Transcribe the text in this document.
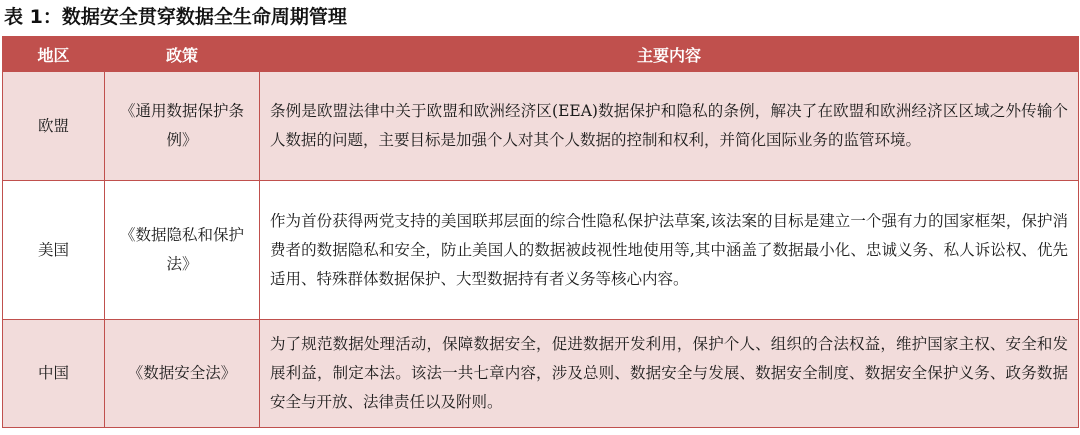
表 1：数据安全贯穿数据全生命周期管理
地区	政策	主要内容
欧盟	《通用数据保护条例》	条例是欧盟法律中关于欧盟和欧洲经济区(EEA)数据保护和隐私的条例，解决了在欧盟和欧洲经济区区域之外传输个人数据的问题，主要目标是加强个人对其个人数据的控制和权利，并简化国际业务的监管环境。
美国	《数据隐私和保护法》	作为首份获得两党支持的美国联邦层面的综合性隐私保护法草案,该法案的目标是建立一个强有力的国家框架，保护消费者的数据隐私和安全，防止美国人的数据被歧视性地使用等,其中涵盖了数据最小化、忠诚义务、私人诉讼权、优先适用、特殊群体数据保护、大型数据持有者义务等核心内容。
中国	《数据安全法》	为了规范数据处理活动，保障数据安全，促进数据开发利用，保护个人、组织的合法权益，维护国家主权、安全和发展利益，制定本法。该法一共七章内容，涉及总则、数据安全与发展、数据安全制度、数据安全保护义务、政务数据安全与开放、法律责任以及附则。
